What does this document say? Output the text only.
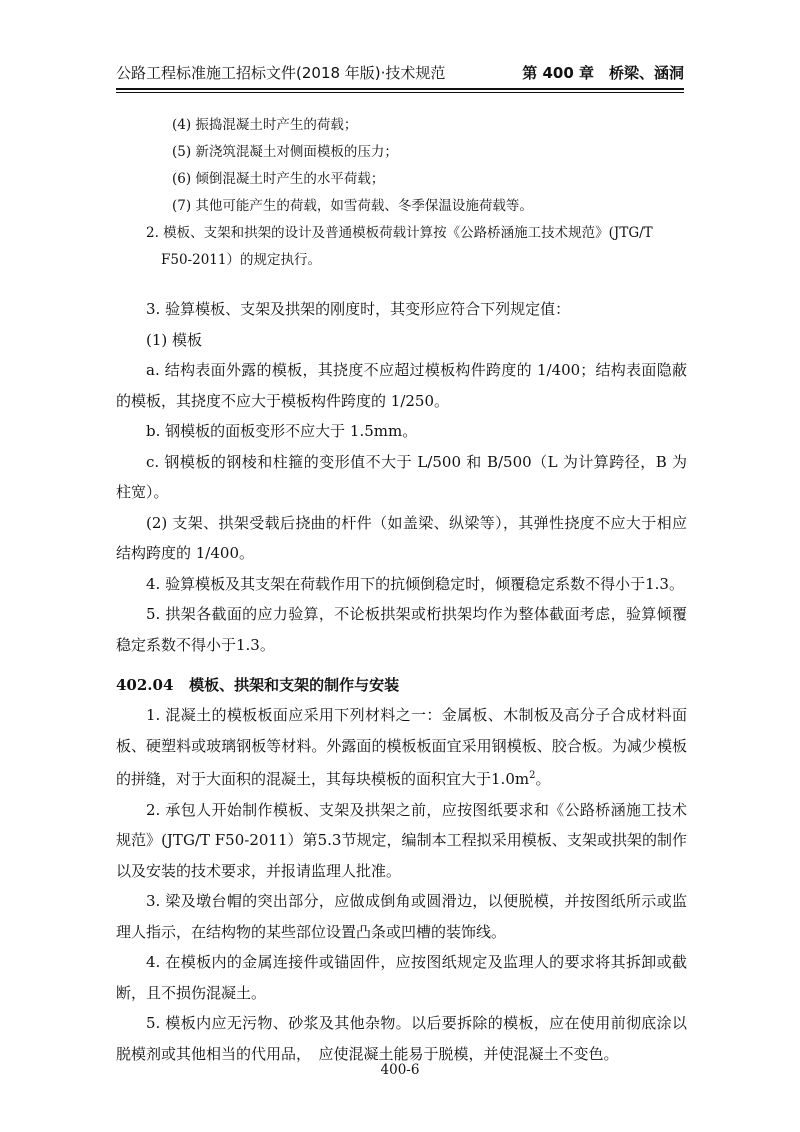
公路工程标准施工招标文件(2018 年版)·技术规范	第 400 章　桥梁、涵洞
(4) 振捣混凝土时产生的荷载；
(5) 新浇筑混凝土对侧面模板的压力；
(6) 倾倒混凝土时产生的水平荷载；
(7) 其他可能产生的荷载，如雪荷载、冬季保温设施荷载等。
2. 模板、支架和拱架的设计及普通模板荷载计算按《公路桥涵施工技术规范》(JTG/T
F50-2011）的规定执行。
3. 验算模板、支架及拱架的刚度时，其变形应符合下列规定值：
(1) 模板
a. 结构表面外露的模板，其挠度不应超过模板构件跨度的 1/400；结构表面隐蔽的模板，其挠度不应大于模板构件跨度的 1/250。
b. 钢模板的面板变形不应大于 1.5mm。
c. 钢模板的钢棱和柱箍的变形值不大于 L/500 和 B/500（L 为计算跨径，B 为柱宽）。
(2) 支架、拱架受载后挠曲的杆件（如盖梁、纵梁等），其弹性挠度不应大于相应结构跨度的 1/400。
4. 验算模板及其支架在荷载作用下的抗倾倒稳定时，倾覆稳定系数不得小于1.3。
5. 拱架各截面的应力验算，不论板拱架或桁拱架均作为整体截面考虑，验算倾覆稳定系数不得小于1.3。
402.04 模板、拱架和支架的制作与安装
1. 混凝土的模板板面应采用下列材料之一：金属板、木制板及高分子合成材料面板、硬塑料或玻璃钢板等材料。外露面的模板板面宜采用钢模板、胶合板。为减少模板的拼缝，对于大面积的混凝土，其每块模板的面积宜大于$1.0m^2$。
2. 承包人开始制作模板、支架及拱架之前，应按图纸要求和《公路桥涵施工技术规范》(JTG/T F50-2011）第5.3节规定，编制本工程拟采用模板、支架或拱架的制作以及安装的技术要求，并报请监理人批准。
3. 梁及墩台帽的突出部分，应做成倒角或圆滑边，以便脱模，并按图纸所示或监理人指示，在结构物的某些部位设置凸条或凹槽的装饰线。
4. 在模板内的金属连接件或锚固件，应按图纸规定及监理人的要求将其拆卸或截断，且不损伤混凝土。
5. 模板内应无污物、砂浆及其他杂物。以后要拆除的模板，应在使用前彻底涂以脱模剂或其他相当的代用品，　应使混凝土能易于脱模，并使混凝土不变色。
400-6
